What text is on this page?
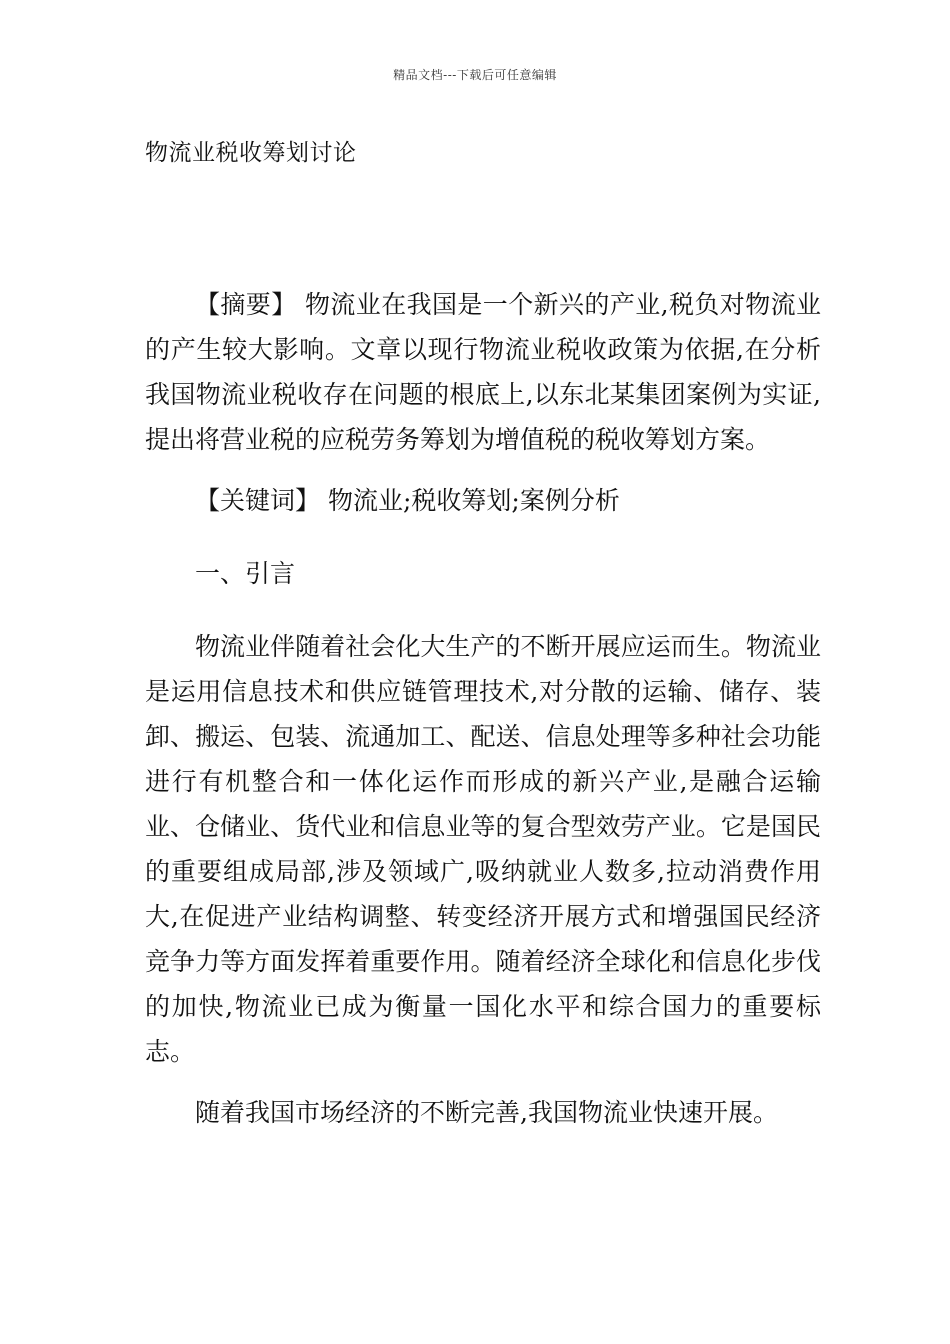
精品文档---下载后可任意编辑
物流业税收筹划讨论

【摘要】 物流业在我国是一个新兴的产业,税负对物流业的产生较大影响。文章以现行物流业税收政策为依据,在分析我国物流业税收存在问题的根底上,以东北某集团案例为实证,提出将营业税的应税劳务筹划为增值税的税收筹划方案。

【关键词】 物流业;税收筹划;案例分析

一、引言

物流业伴随着社会化大生产的不断开展应运而生。物流业是运用信息技术和供应链管理技术,对分散的运输、储存、装卸、搬运、包装、流通加工、配送、信息处理等多种社会功能进行有机整合和一体化运作而形成的新兴产业,是融合运输业、仓储业、货代业和信息业等的复合型效劳产业。它是国民的重要组成局部,涉及领域广,吸纳就业人数多,拉动消费作用大,在促进产业结构调整、转变经济开展方式和增强国民经济竞争力等方面发挥着重要作用。随着经济全球化和信息化步伐的加快,物流业已成为衡量一国化水平和综合国力的重要标志。

随着我国市场经济的不断完善,我国物流业快速开展。
